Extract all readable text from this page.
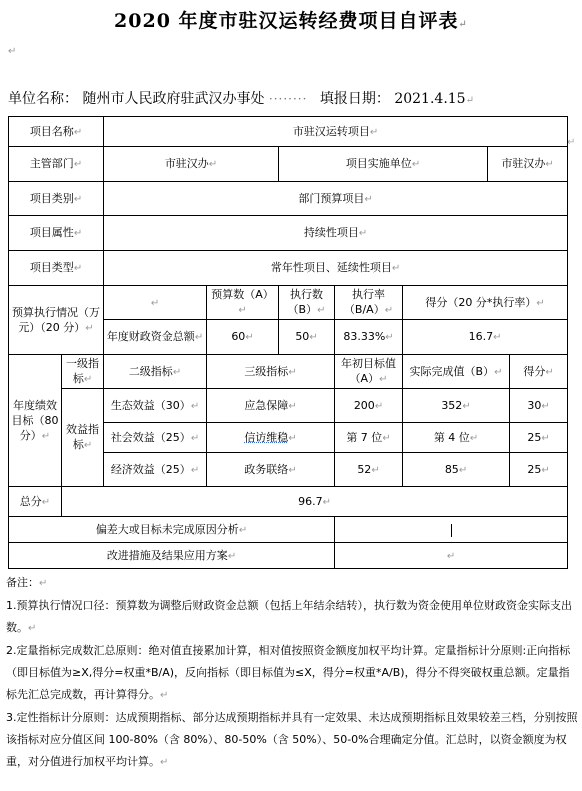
2020 年度市驻汉运转经费项目自评表↵
↵
单位名称： 随州市人民政府驻武汉办事处 ········ 填报日期： 2021.4.15↵
↵
项目名称↵		市驻汉运转项目↵						
主管部门↵		市驻汉办↵		项目实施单位↵			市驻汉办↵	
项目类别↵		部门预算项目↵						
项目属性↵		持续性项目↵						
项目类型↵		常年性项目、延续性项目↵						
预算执行情况（万元）（20 分）↵		↵	预算数（A）↵	执行数（B）↵	执行率（B/A）↵	得分（20 分*执行率）↵		
		年度财政资金总额↵	60↵	50↵	83.33%↵	16.7↵		
年度绩效目标（80 分）↵	一级指标↵	二级指标↵	三级指标↵		年初目标值（A）↵	实际完成值（B）↵		得分↵
	效益指标↵	生态效益（30）↵	应急保障↵		200↵	352↵		30↵
		社会效益（25）↵	信访维稳↵		第 7 位↵	第 4 位↵		25↵
		经济效益（25）↵	政务联络↵		52↵	85↵		25↵
总分↵	96.7↵							
偏差大或目标未完成原因分析↵								
改进措施及结果应用方案↵					↵			

备注：↵

1.预算执行情况口径：预算数为调整后财政资金总额（包括上年结余结转），执行数为资金使用单位财政资金实际支出数。↵

2.定量指标完成数汇总原则：绝对值直接累加计算，相对值按照资金额度加权平均计算。定量指标计分原则:正向指标（即目标值为≥X,得分=权重*B/A)，反向指标（即目标值为≤X，得分=权重*A/B)，得分不得突破权重总额。定量指标先汇总完成数，再计算得分。↵

3.定性指标计分原则：达成预期指标、部分达成预期指标并具有一定效果、未达成预期指标且效果较差三档，分别按照该指标对应分值区间 100-80%（含 80%）、80-50%（含 50%）、50-0%合理确定分值。汇总时，以资金额度为权重，对分值进行加权平均计算。↵
